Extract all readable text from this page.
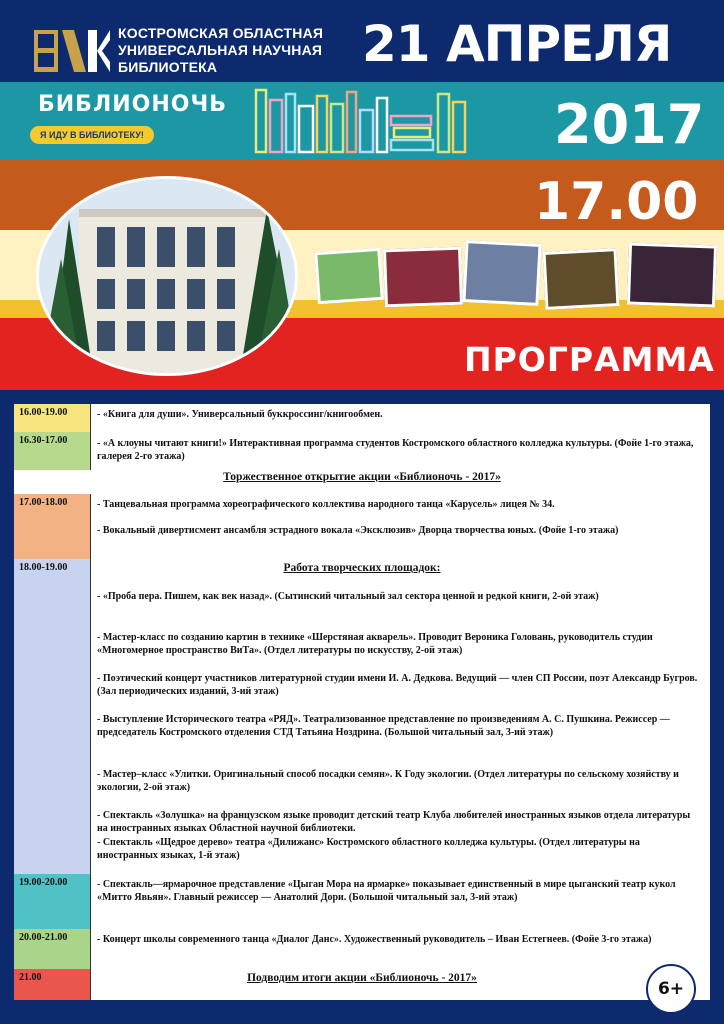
КОСТРОМСКАЯ ОБЛАСТНАЯ
УНИВЕРСАЛЬНАЯ НАУЧНАЯ
БИБЛИОТЕКА	21 АПРЕЛЯ
БИБЛИОНОЧЬ
Я ИДУ В БИБЛИОТЕКУ!	2017
17.00
ПРОГРАММА
16.00-19.00	- «Книга для души». Универсальный буккроссинг/книгообмен.
16.30-17.00	- «А клоуны читают книги!» Интерактивная программа студентов Костромского областного колледжа культуры. (Фойе 1-го этажа, галерея 2-го этажа)
Торжественное открытие акции «Библионочь - 2017»
17.00-18.00	- Танцевальная программа хореографического коллектива народного танца «Карусель» лицея № 34.
- Вокальный дивертисмент ансамбля эстрадного вокала «Эксклюзив» Дворца творчества юных. (Фойе 1-го этажа)
18.00-19.00	Работа творческих площадок:
- «Проба пера. Пишем, как век назад». (Сытинский читальный зал сектора ценной и редкой книги, 2-ой этаж)
- Мастер-класс по созданию картин в технике «Шерстяная акварель». Проводит Вероника Головань, руководитель студии «Многомерное пространство ВиТа». (Отдел литературы по искусству, 2-ой этаж)
- Поэтический концерт участников литературной студии имени И. А. Дедкова. Ведущий — член СП России, поэт Александр Бугров. (Зал периодических изданий, 3-ий этаж)
- Выступление Исторического театра «РЯД». Театрализованное представление по произведениям А. С. Пушкина. Режиссер — председатель Костромского отделения СТД Татьяна Ноздрина. (Большой читальный зал, 3-ий этаж)
- Мастер–класс «Улитки. Оригинальный способ посадки семян». К Году экологии. (Отдел литературы по сельскому хозяйству и экологии, 2-ой этаж)
- Спектакль «Золушка» на французском языке проводит детский театр Клуба любителей иностранных языков отдела литературы на иностранных языках Областной научной библиотеки.
- Спектакль «Щедрое дерево» театра «Дилижанс» Костромского областного колледжа культуры. (Отдел литературы на иностранных языках, 1-й этаж)
19.00-20.00	- Спектакль—ярмарочное представление «Цыган Мора на ярмарке» показывает единственный в мире цыганский театр кукол «Митто Явьян». Главный режиссер — Анатолий Дори. (Большой читальный зал, 3-ий этаж)
20.00-21.00	- Концерт школы современного танца «Диалог Данс». Художественный руководитель – Иван Естегнеев. (Фойе 3-го этажа)
21.00	Подводим итоги акции «Библионочь - 2017»
6+
